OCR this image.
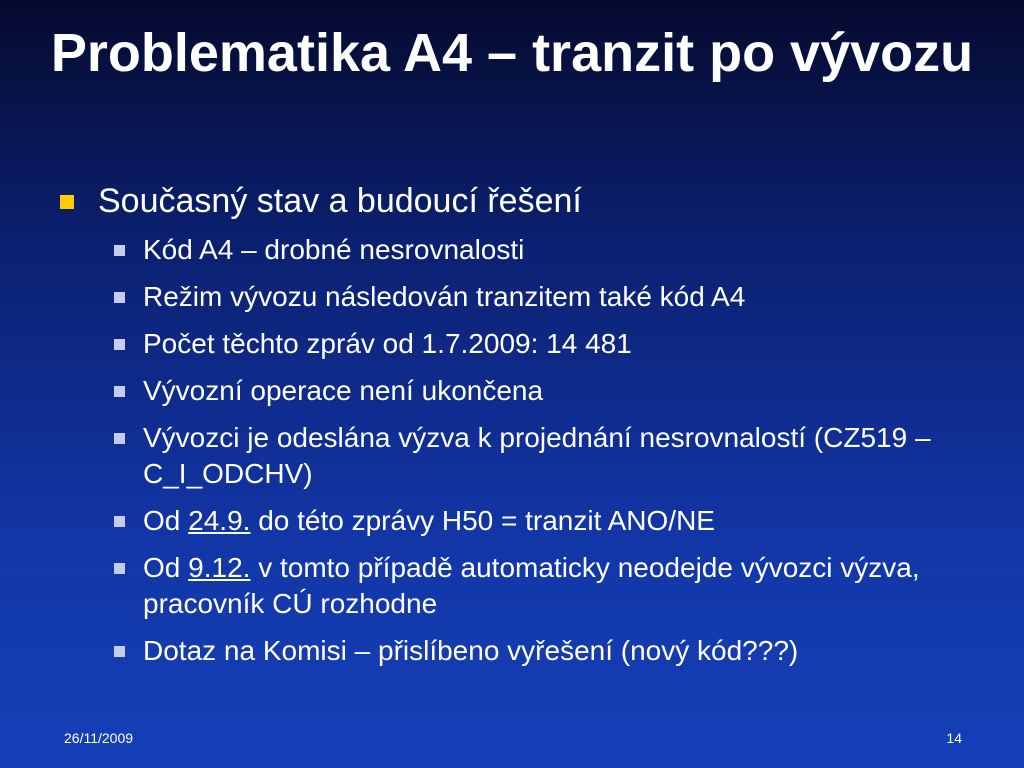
Problematika A4 – tranzit po vývozu
Současný stav a budoucí řešení
Kód A4 – drobné nesrovnalosti
Režim vývozu následován tranzitem také kód A4
Počet těchto zpráv od 1.7.2009: 14 481
Vývozní operace není ukončena
Vývozci je odeslána výzva k projednání nesrovnalostí (CZ519 – C_I_ODCHV)
Od 24.9. do této zprávy H50 = tranzit ANO/NE
Od 9.12. v tomto případě automaticky neodejde vývozci výzva, pracovník CÚ rozhodne
Dotaz na Komisi – přislíbeno vyřešení (nový kód???)
26/11/2009	14
